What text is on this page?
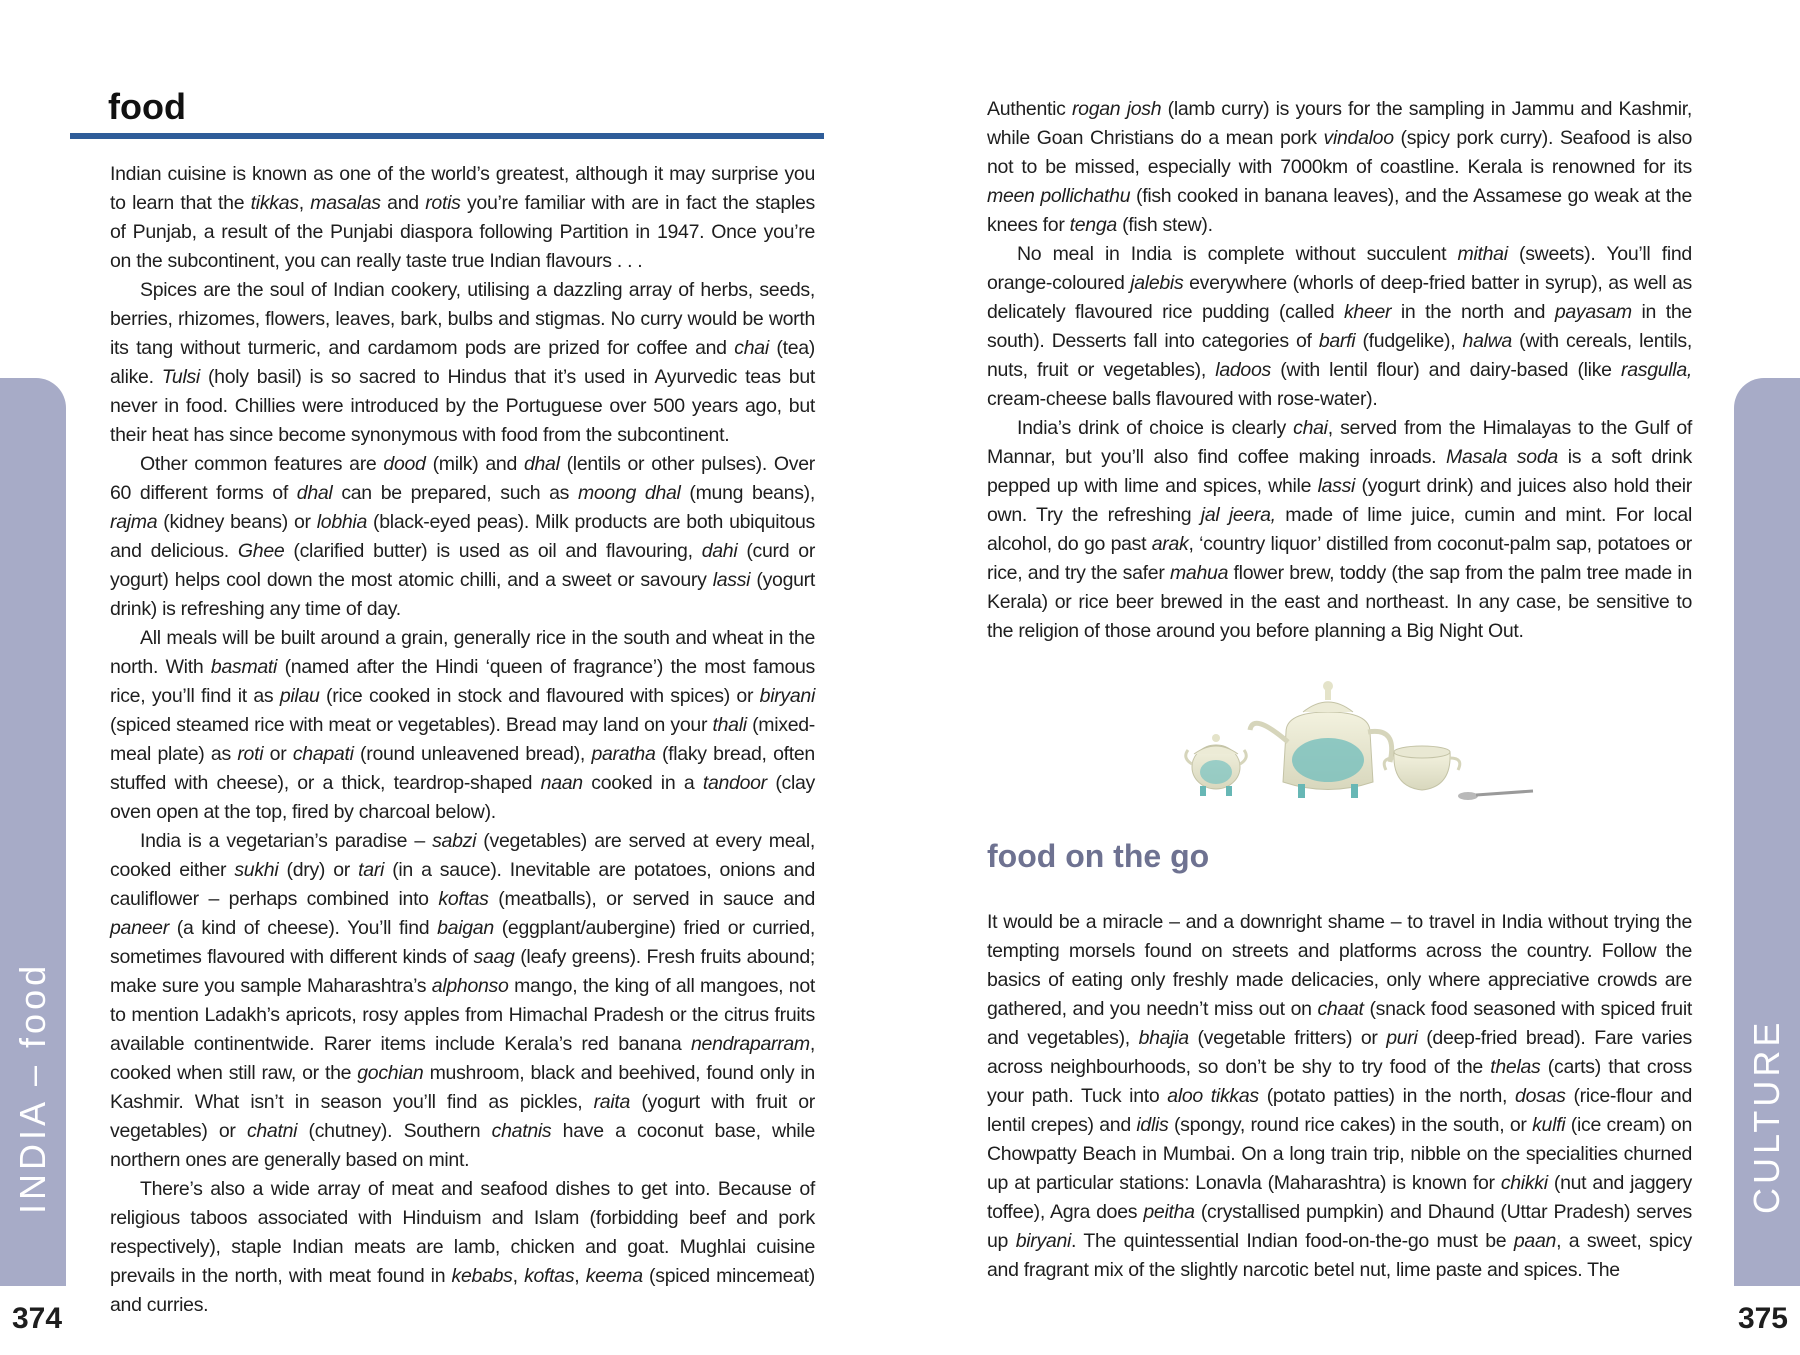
food

Indian cuisine is known as one of the world’s greatest, although it may surprise you to learn that the tikkas, masalas and rotis you’re familiar with are in fact the staples of Punjab, a result of the Punjabi diaspora following Partition in 1947. Once you’re on the subcontinent, you can really taste true Indian flavours . . .

Spices are the soul of Indian cookery, utilising a dazzling array of herbs, seeds, berries, rhizomes, flowers, leaves, bark, bulbs and stigmas. No curry would be worth its tang without turmeric, and cardamom pods are prized for coffee and chai (tea) alike. Tulsi (holy basil) is so sacred to Hindus that it’s used in Ayurvedic teas but never in food. Chillies were introduced by the Portuguese over 500 years ago, but their heat has since become synonymous with food from the subcontinent.

Other common features are dood (milk) and dhal (lentils or other pulses). Over 60 different forms of dhal can be prepared, such as moong dhal (mung beans), rajma (kidney beans) or lobhia (black-eyed peas). Milk products are both ubiquitous and delicious. Ghee (clarified butter) is used as oil and flavouring, dahi (curd or yogurt) helps cool down the most atomic chilli, and a sweet or savoury lassi (yogurt drink) is refreshing any time of day.

All meals will be built around a grain, generally rice in the south and wheat in the north. With basmati (named after the Hindi ‘queen of fragrance’) the most famous rice, you’ll find it as pilau (rice cooked in stock and flavoured with spices) or biryani (spiced steamed rice with meat or vegetables). Bread may land on your thali (mixed-meal plate) as roti or chapati (round unleavened bread), paratha (flaky bread, often stuffed with cheese), or a thick, teardrop-shaped naan cooked in a tandoor (clay oven open at the top, fired by charcoal below).

India is a vegetarian’s paradise – sabzi (vegetables) are served at every meal, cooked either sukhi (dry) or tari (in a sauce). Inevitable are potatoes, onions and cauliflower – perhaps combined into koftas (meatballs), or served in sauce and paneer (a kind of cheese). You’ll find baigan (eggplant/aubergine) fried or curried, sometimes flavoured with different kinds of saag (leafy greens). Fresh fruits abound; make sure you sample Maharashtra’s alphonso mango, the king of all mangoes, not to mention Ladakh’s apricots, rosy apples from Himachal Pradesh or the citrus fruits available continentwide. Rarer items include Kerala’s red banana nendraparram, cooked when still raw, or the gochian mushroom, black and beehived, found only in Kashmir. What isn’t in season you’ll find as pickles, raita (yogurt with fruit or vegetables) or chatni (chutney). Southern chatnis have a coconut base, while northern ones are generally based on mint.

There’s also a wide array of meat and seafood dishes to get into. Because of religious taboos associated with Hinduism and Islam (forbidding beef and pork respectively), staple Indian meats are lamb, chicken and goat. Mughlai cuisine prevails in the north, with meat found in kebabs, koftas, keema (spiced mincemeat) and curries.

INDIA – food
374

Authentic rogan josh (lamb curry) is yours for the sampling in Jammu and Kashmir, while Goan Christians do a mean pork vindaloo (spicy pork curry). Seafood is also not to be missed, especially with 7000km of coastline. Kerala is renowned for its meen pollichathu (fish cooked in banana leaves), and the Assamese go weak at the knees for tenga (fish stew).

No meal in India is complete without succulent mithai (sweets). You’ll find orange-coloured jalebis everywhere (whorls of deep-fried batter in syrup), as well as delicately flavoured rice pudding (called kheer in the north and payasam in the south). Desserts fall into categories of barfi (fudgelike), halwa (with cereals, lentils, nuts, fruit or vegetables), ladoos (with lentil flour) and dairy-based (like rasgulla, cream-cheese balls flavoured with rose-water).

India’s drink of choice is clearly chai, served from the Himalayas to the Gulf of Mannar, but you’ll also find coffee making inroads. Masala soda is a soft drink pepped up with lime and spices, while lassi (yogurt drink) and juices also hold their own. Try the refreshing jal jeera, made of lime juice, cumin and mint. For local alcohol, do go past arak, ‘country liquor’ distilled from coconut-palm sap, potatoes or rice, and try the safer mahua flower brew, toddy (the sap from the palm tree made in Kerala) or rice beer brewed in the east and northeast. In any case, be sensitive to the religion of those around you before planning a Big Night Out.

food on the go

It would be a miracle – and a downright shame – to travel in India without trying the tempting morsels found on streets and platforms across the country. Follow the basics of eating only freshly made delicacies, only where appreciative crowds are gathered, and you needn’t miss out on chaat (snack food seasoned with spiced fruit and vegetables), bhajia (vegetable fritters) or puri (deep-fried bread). Fare varies across neighbourhoods, so don’t be shy to try food of the thelas (carts) that cross your path. Tuck into aloo tikkas (potato patties) in the north, dosas (rice-flour and lentil crepes) and idlis (spongy, round rice cakes) in the south, or kulfi (ice cream) on Chowpatty Beach in Mumbai. On a long train trip, nibble on the specialities churned up at particular stations: Lonavla (Maharashtra) is known for chikki (nut and jaggery toffee), Agra does peitha (crystallised pumpkin) and Dhaund (Uttar Pradesh) serves up biryani. The quintessential Indian food-on-the-go must be paan, a sweet, spicy and fragrant mix of the slightly narcotic betel nut, lime paste and spices. The

CULTURE
375
